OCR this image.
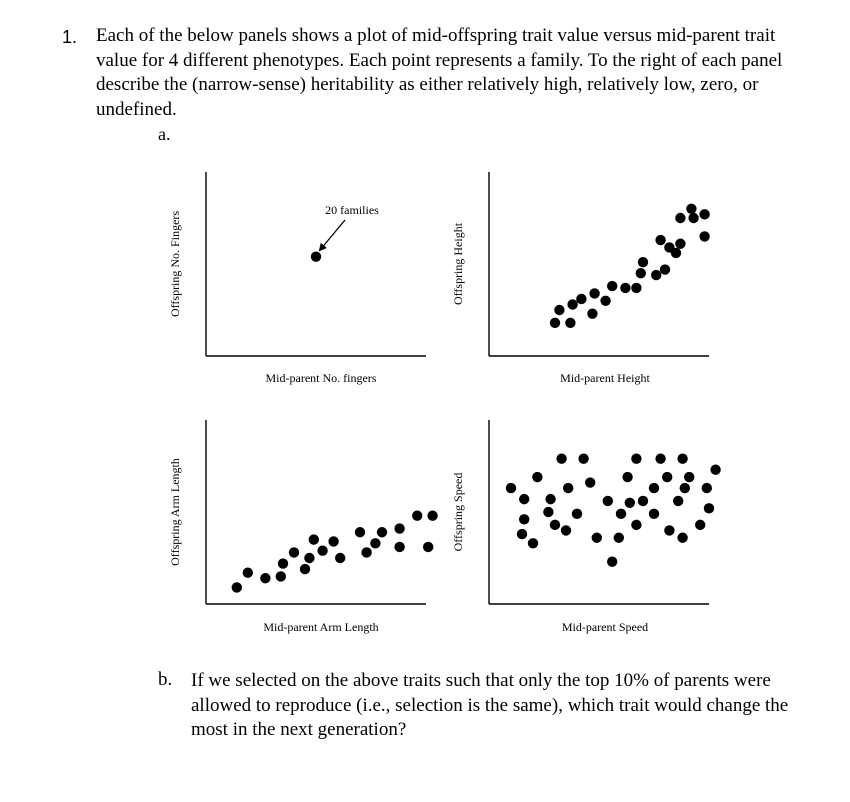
1. Each of the below panels shows a plot of mid-offspring trait value versus mid-parent trait value for 4 different phenotypes. Each point represents a family. To the right of each panel describe the (narrow-sense) heritability as either relatively high, relatively low, zero, or undefined.
a.
Offspring No. Fingers
Mid-parent No. fingers
20 families
Offspring Height
Mid-parent Height
Offspring Arm Length
Mid-parent Arm Length
Offspring Speed
Mid-parent Speed
b. If we selected on the above traits such that only the top 10% of parents were allowed to reproduce (i.e., selection is the same), which trait would change the most in the next generation?
